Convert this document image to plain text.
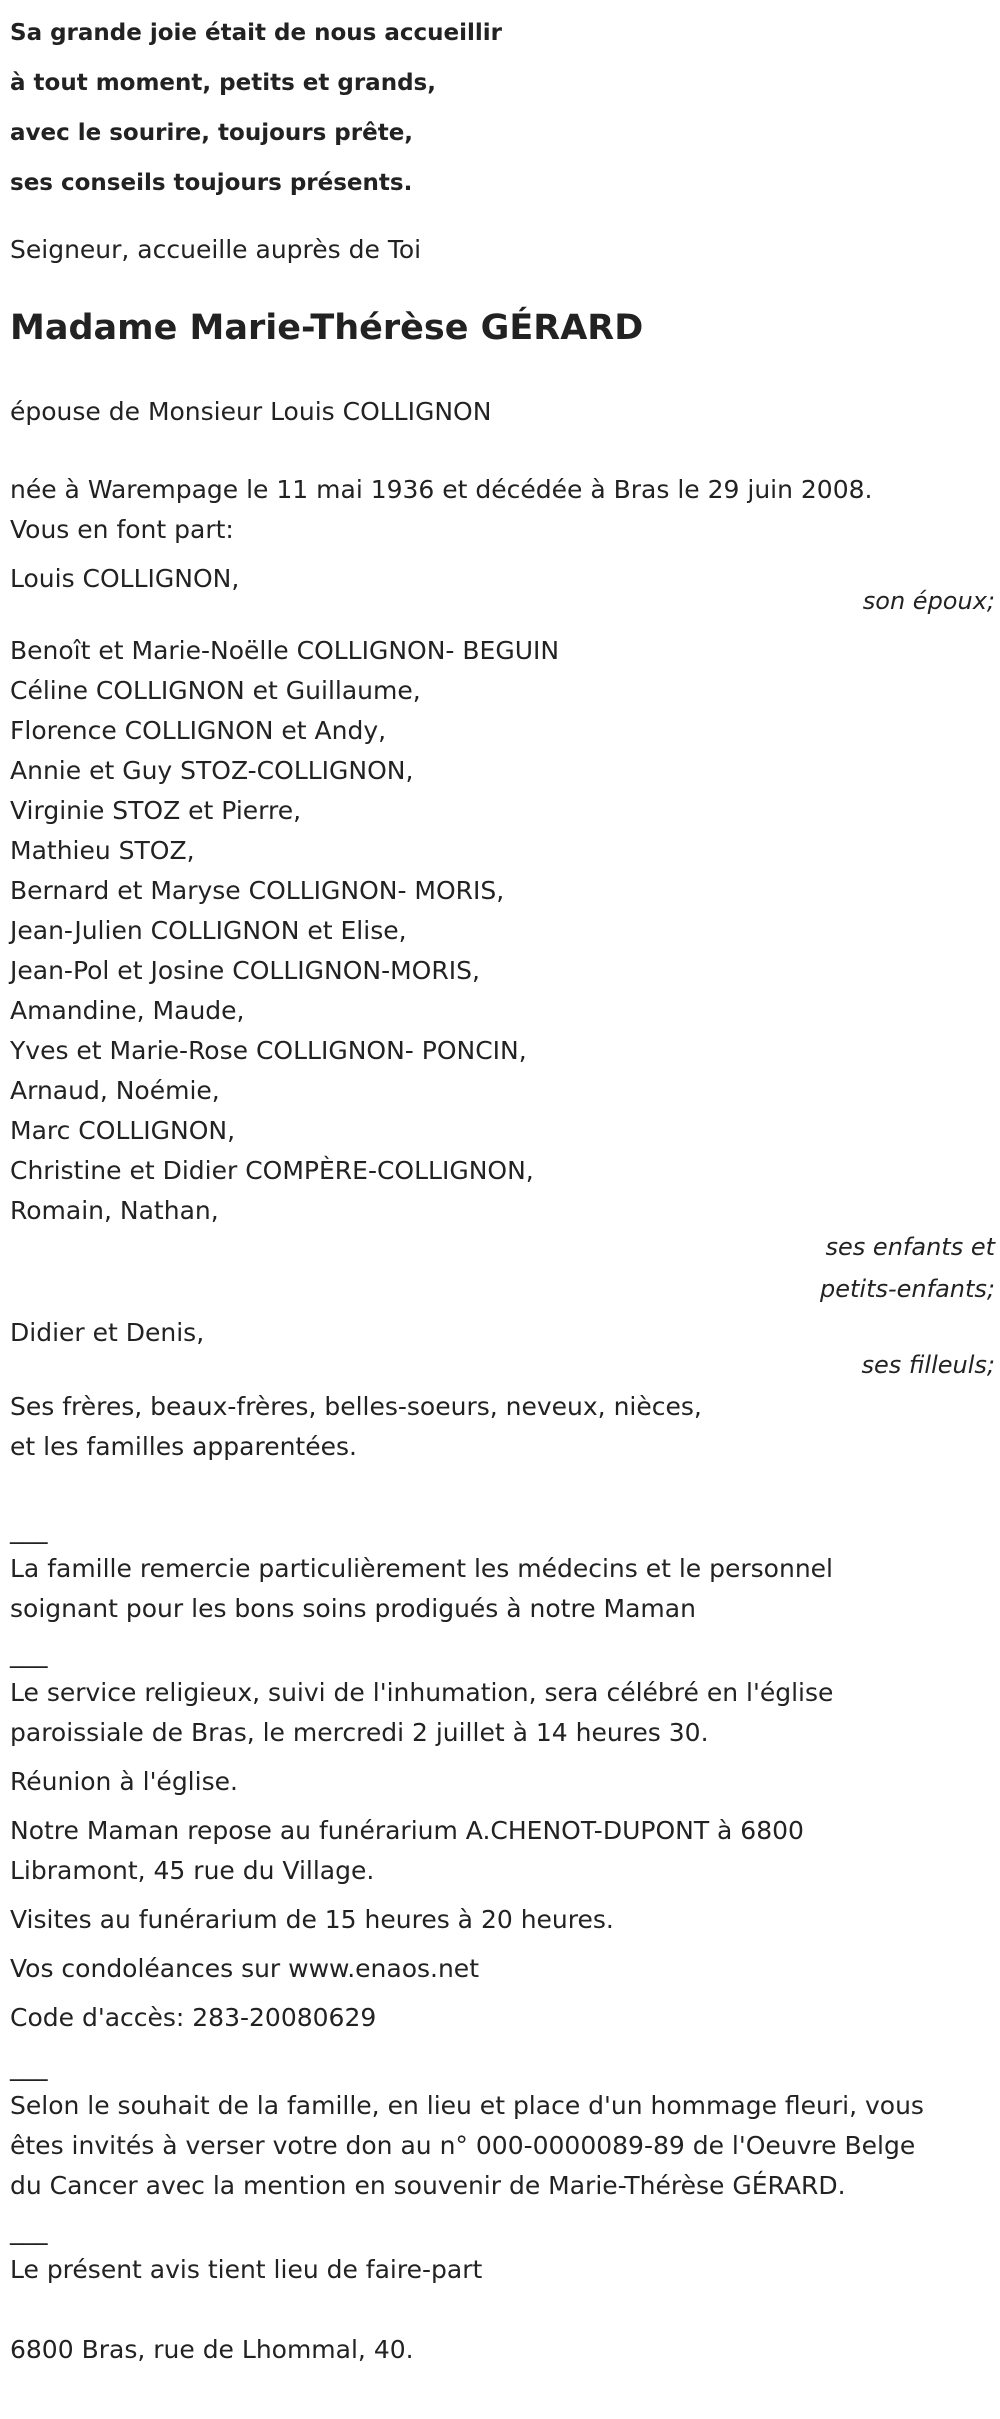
Sa grande joie était de nous accueillir

à tout moment, petits et grands,

avec le sourire, toujours prête,

ses conseils toujours présents.

Seigneur, accueille auprès de Toi

Madame Marie-Thérèse GÉRARD

épouse de Monsieur Louis COLLIGNON

née à Warempage le 11 mai 1936 et décédée à Bras le 29 juin 2008.

Vous en font part:

Louis COLLIGNON,

son époux;

Benoît et Marie-Noëlle COLLIGNON- BEGUIN

Céline COLLIGNON et Guillaume,

Florence COLLIGNON et Andy,

Annie et Guy STOZ-COLLIGNON,

Virginie STOZ et Pierre,

Mathieu STOZ,

Bernard et Maryse COLLIGNON- MORIS,

Jean-Julien COLLIGNON et Elise,

Jean-Pol et Josine COLLIGNON-MORIS,

Amandine, Maude,

Yves et Marie-Rose COLLIGNON- PONCIN,

Arnaud, Noémie,

Marc COLLIGNON,

Christine et Didier COMPÈRE-COLLIGNON,

Romain, Nathan,

ses enfants et

petits-enfants;

Didier et Denis,

ses filleuls;

Ses frères, beaux-frères, belles-soeurs, neveux, nièces,

et les familles apparentées.

___

La famille remercie particulièrement les médecins et le personnel

soignant pour les bons soins prodigués à notre Maman

___

Le service religieux, suivi de l'inhumation, sera célébré en l'église

paroissiale de Bras, le mercredi 2 juillet à 14 heures 30.

Réunion à l'église.

Notre Maman repose au funérarium A.CHENOT-DUPONT à 6800

Libramont, 45 rue du Village.

Visites au funérarium de 15 heures à 20 heures.

Vos condoléances sur www.enaos.net

Code d'accès: 283-20080629

___

Selon le souhait de la famille, en lieu et place d'un hommage fleuri, vous

êtes invités à verser votre don au n° 000-0000089-89 de l'Oeuvre Belge

du Cancer avec la mention en souvenir de Marie-Thérèse GÉRARD.

___

Le présent avis tient lieu de faire-part

6800 Bras, rue de Lhommal, 40.
